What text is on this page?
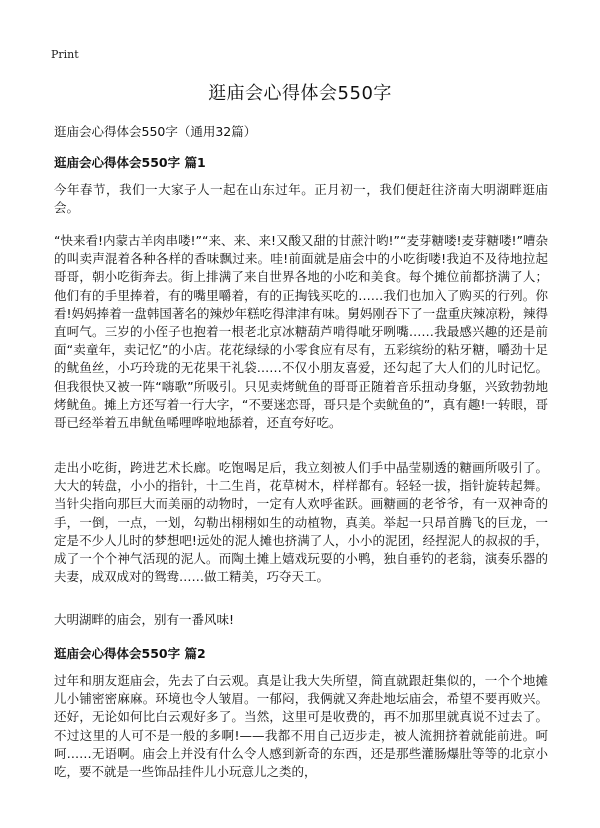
Print
逛庙会心得体会550字

逛庙会心得体会550字（通用32篇）

逛庙会心得体会550字 篇1

今年春节，我们一大家子人一起在山东过年。正月初一，我们便赶往济南大明湖畔逛庙会。

“快来看!内蒙古羊肉串喽!”“来、来、来!又酸又甜的甘蔗汁哟!”“麦芽糖喽!麦芽糖喽!”嘈杂的叫卖声混着各种各样的香味飘过来。哇!前面就是庙会中的小吃街喽!我迫不及待地拉起哥哥，朝小吃街奔去。街上排满了来自世界各地的小吃和美食。每个摊位前都挤满了人；他们有的手里捧着，有的嘴里嚼着，有的正掏钱买吃的……我们也加入了购买的行列。你看!妈妈捧着一盘韩国著名的辣炒年糕吃得津津有味。舅妈刚吞下了一盘重庆辣凉粉，辣得直呵气。三岁的小侄子也抱着一根老北京冰糖葫芦啃得呲牙咧嘴……我最感兴趣的还是前面“卖童年，卖记忆”的小店。花花绿绿的小零食应有尽有，五彩缤纷的粘牙糖，嚼劲十足的鱿鱼丝，小巧玲珑的无花果干礼袋……不仅小朋友喜爱，还勾起了大人们的儿时记忆。但我很快又被一阵“嗨歌”所吸引。只见卖烤鱿鱼的哥哥正随着音乐扭动身躯，兴致勃勃地烤鱿鱼。摊上方还写着一行大字，“不要迷恋哥，哥只是个卖鱿鱼的”，真有趣!一转眼，哥哥已经举着五串鱿鱼唏哩哗啦地舔着，还直夸好吃。

走出小吃街，跨进艺术长廊。吃饱喝足后，我立刻被人们手中晶莹剔透的糖画所吸引了。大大的转盘，小小的指针，十二生肖，花草树木，样样都有。轻轻一拔，指针旋转起舞。当针尖指向那巨大而美丽的动物时，一定有人欢呼雀跃。画糖画的老爷爷，有一双神奇的手，一倒，一点，一划，勾勒出栩栩如生的动植物，真美。举起一只昂首腾飞的巨龙，一定是不少人儿时的梦想吧!远处的泥人摊也挤满了人，小小的泥团，经捏泥人的叔叔的手，成了一个个神气活现的泥人。而陶土摊上嬉戏玩耍的小鸭，独自垂钓的老翁，演奏乐器的夫妻，成双成对的鸳鸯……做工精美，巧夺天工。

大明湖畔的庙会，别有一番风味!

逛庙会心得体会550字 篇2

过年和朋友逛庙会，先去了白云观。真是让我大失所望，简直就跟赶集似的，一个个地摊儿小铺密密麻麻。环境也令人皱眉。一郁闷，我俩就又奔赴地坛庙会，希望不要再败兴。还好，无论如何比白云观好多了。当然，这里可是收费的，再不加那里就真说不过去了。不过这里的人可不是一般的多啊!——我都不用自己迈步走，被人流拥挤着就能前进。呵呵……无语啊。庙会上并没有什么令人感到新奇的东西，还是那些灌肠爆肚等等的北京小吃，要不就是一些饰品挂件儿小玩意儿之类的，
